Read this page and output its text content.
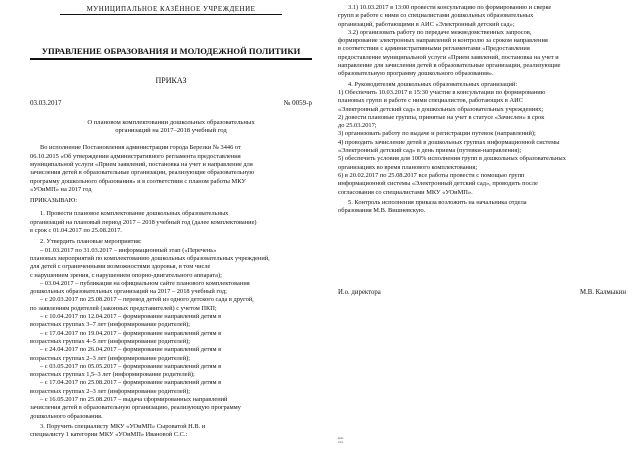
МУНИЦИПАЛЬНОЕ КАЗЁННОЕ УЧРЕЖДЕНИЕ
УПРАВЛЕНИЕ ОБРАЗОВАНИЯ И МОЛОДЕЖНОЙ ПОЛИТИКИ
ПРИКАЗ
03.03.2017	№ 0059-р
О плановом комплектовании дошкольных образовательных
организаций на 2017–2018 учебный год
Во исполнение Постановления администрации города Березки № 3446 от
06.10.2015 «Об утверждении административного регламента предоставления
муниципальной услуги «Прием заявлений, постановка на учет и направление для
зачисления детей в образовательные организации, реализующие образовательную
программу дошкольного образования» и в соответствии с планом работы МКУ
«УОиМП» на 2017 год
ПРИКАЗЫВАЮ:
1. Провести плановое комплектование дошкольных образовательных
организаций на плановый период 2017 – 2018 учебный год (далее комплектование)
в срок с 01.04.2017 по 25.08.2017.
2. Утвердить плановые мероприятия:
– 01.03.2017 по 31.03.2017 – информационный этап («Перечень»
плановых мероприятий по комплектованию дошкольных образовательных учреждений,
для детей с ограниченными возможностями здоровья, в том числе
с нарушением зрения, с нарушением опорно-двигательного аппарата);
– 03.04.2017 – публикация на официальном сайте планового комплектования
дошкольных образовательных организаций на 2017 – 2018 учебный год;
– с 20.03.2017 по 25.08.2017 – перевод детей из одного детского сада в другой,
по заявлениям родителей (законных представителей) с учетом ПКП;
– с 10.04.2017 по 12.04.2017 – формирование направлений детям в
возрастных группах 3–7 лет (информирование родителей);
– с 17.04.2017 по 19.04.2017 – формирование направлений детям в
возрастных группах 4–5 лет (информирование родителей);
– с 24.04.2017 по 26.04.2017 – формирование направлений детям в
возрастных группах 2–3 лет (информирование родителей);
– с 03.05.2017 по 05.05.2017 – формирование направлений детям в
возрастных группах 1,5–3 лет (информирование родителей);
– с 17.04.2017 по 25.08.2017 – формирование направлений детям в
возрастных группах 2–3 лет (информирование родителей);
– с 16.05.2017 по 25.08.2017 – выдача сформированных направлений
зачисления детей в образовательную организацию, реализующую программу
дошкольного образования.
3. Поручить специалисту МКУ «УОиМП» Сыроватой Н.В. и
специалисту 1 категории МКУ «УОиМП» Ивановой С.С.:
3.1) 10.03.2017 в 13:00 провести консультацию по формированию и сверке
групп и работе с ними со специалистами дошкольных образовательных
организаций, работающими в АИС «Электронный детский сад»;
3.2) организовать работу по передаче межведомственных запросов,
формирование электронных направлений и контролю за сроком направления
в соответствии с административными регламентами «Предоставления
предоставление муниципальной услуги «Прием заявлений, постановка на учет и
направление для зачисления детей в образовательные организации, реализующие
образовательную программу дошкольного образования».
4. Руководителям дошкольных образовательных организаций:
1) Обеспечить 10.03.2017 в 15:30 участие в консультации по формированию
плановых групп и работе с ними специалистов, работающих в АИС
«Электронный детский сад» в дошкольных образовательных учреждениях;
2) довести плановые группы, принятые на учет в статусе «Зачислен» в срок
до 25.03.2017;
3) организовать работу по выдаче и регистрации путевок (направлений);
4) проводить зачисление детей в дошкольных группах информационной системы
«Электронный детский сад» в день приема (путевки-направления);
5) обеспечить условия для 100% исполнения групп в дошкольных образовательных
организациях во время планового комплектования;
6) в 20.02.2017 по 25.08.2017 все работы провести с помощью групп
информационной системы «Электронный детский сад», проводить после
согласования со специалистами МКУ «УОиМП».
5. Контроль исполнения приказа возложить на начальника отдела
образования М.В. Вишневскую.
И.о. директора	М.В. Калмыкин
исп.
тел.
